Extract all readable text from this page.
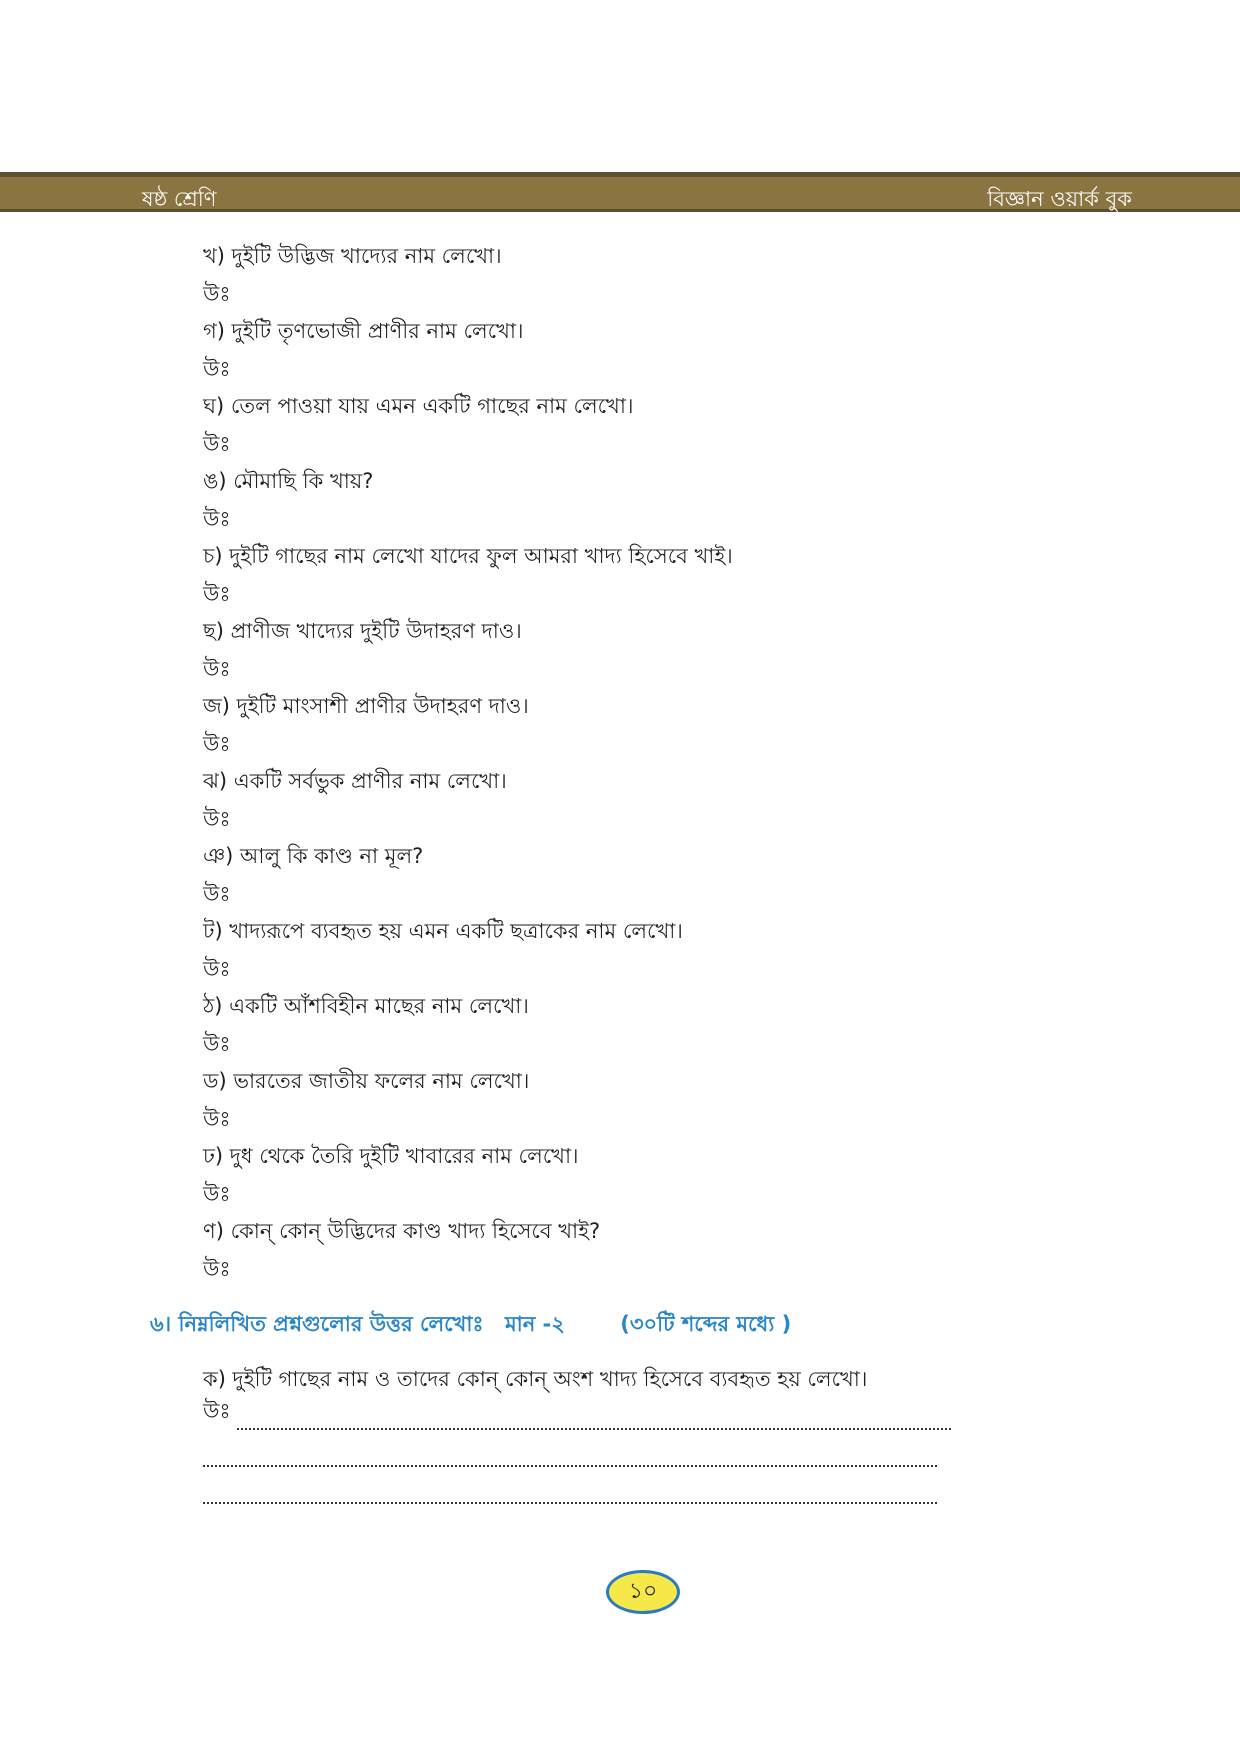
ষষ্ঠ শ্রেণি	বিজ্ঞান ওয়ার্ক বুক
খ) দুইটি উদ্ভিজ খাদ্যের নাম লেখো।
উঃ
গ) দুইটি তৃণভোজী প্রাণীর নাম লেখো।
উঃ
ঘ) তেল পাওয়া যায় এমন একটি গাছের নাম লেখো।
উঃ
ঙ) মৌমাছি কি খায়?
উঃ
চ) দুইটি গাছের নাম লেখো যাদের ফুল আমরা খাদ্য হিসেবে খাই।
উঃ
ছ) প্রাণীজ খাদ্যের দুইটি উদাহরণ দাও।
উঃ
জ) দুইটি মাংসাশী প্রাণীর উদাহরণ দাও।
উঃ
ঝ) একটি সর্বভুক প্রাণীর নাম লেখো।
উঃ
ঞ) আলু কি কাণ্ড না মূল?
উঃ
ট) খাদ্যরূপে ব্যবহৃত হয় এমন একটি ছত্রাকের নাম লেখো।
উঃ
ঠ) একটি আঁশবিহীন মাছের নাম লেখো।
উঃ
ড) ভারতের জাতীয় ফলের নাম লেখো।
উঃ
ঢ) দুধ থেকে তৈরি দুইটি খাবারের নাম লেখো।
উঃ
ণ) কোন্ কোন্ উদ্ভিদের কাণ্ড খাদ্য হিসেবে খাই?
উঃ
৬। নিম্নলিখিত প্রশ্নগুলোর উত্তর লেখোঃ মান -২	(৩০টি শব্দের মধ্যে )
ক) দুইটি গাছের নাম ও তাদের কোন্ কোন্ অংশ খাদ্য হিসেবে ব্যবহৃত হয় লেখো।
উঃ
১০
